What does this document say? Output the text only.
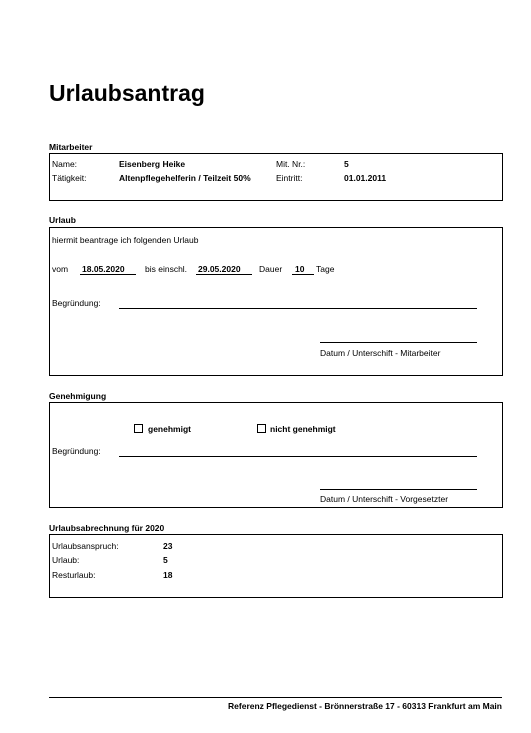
Urlaubsantrag
Mitarbeiter
Name:	Eisenberg Heike	Mit. Nr.:	5
Tätigkeit:	Altenpflegehelferin / Teilzeit 50%	Eintritt:	01.01.2011
Urlaub
hiermit beantrage ich folgenden Urlaub
vom 18.05.2020 bis einschl. 29.05.2020 Dauer 10 Tage
Begründung:
Datum / Unterschift - Mitarbeiter
Genehmigung
genehmigt	nicht genehmigt
Begründung:
Datum / Unterschift - Vorgesetzter
Urlaubsabrechnung für 2020
Urlaubsanspruch:	23
Urlaub:	5
Resturlaub:	18
Referenz Pflegedienst - Brönnerstraße 17 - 60313 Frankfurt am Main
